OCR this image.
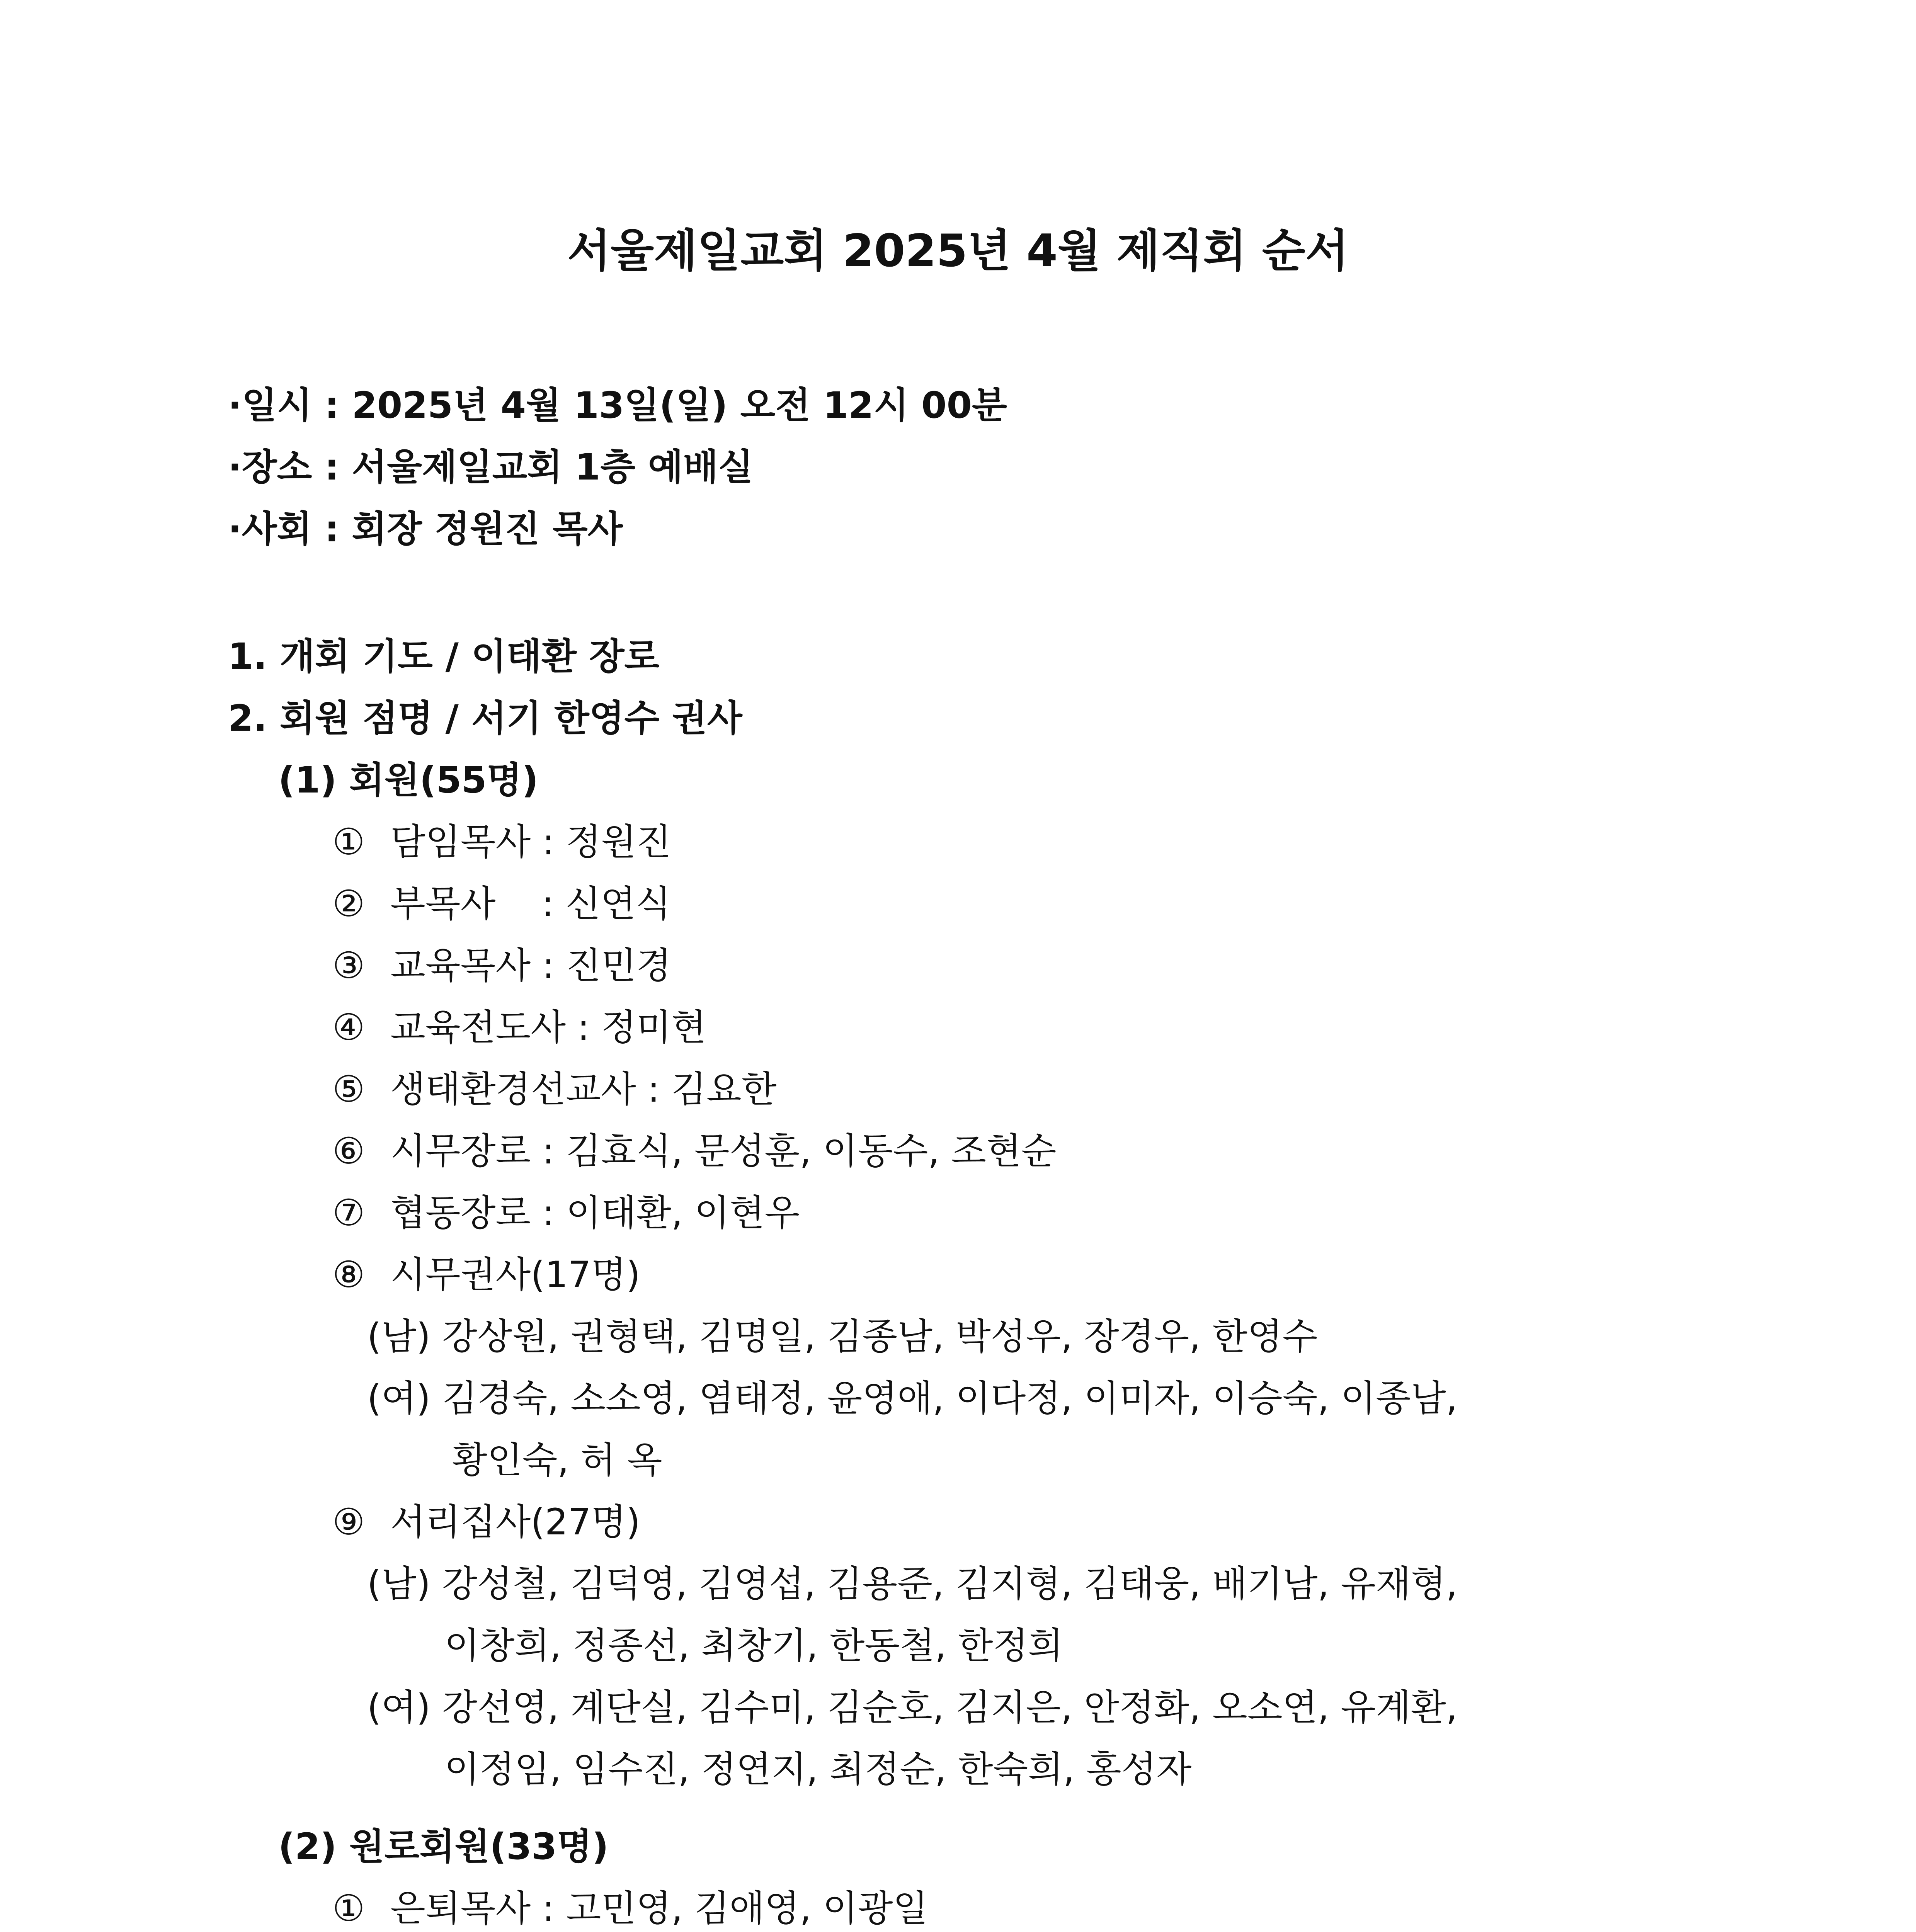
서울제일교회 2025년 4월 제직회 순서

·일시 : 2025년 4월 13일(일) 오전 12시 00분

·장소 : 서울제일교회 1층 예배실

·사회 : 회장 정원진 목사

1. 개회 기도 / 이태환 장로

2. 회원 점명 / 서기 한영수 권사

(1) 회원(55명)

① 담임목사 : 정원진

② 부목사    : 신연식

③ 교육목사 : 진민경

④ 교육전도사 : 정미현

⑤ 생태환경선교사 : 김요한

⑥ 시무장로 : 김효식, 문성훈, 이동수, 조현순

⑦ 협동장로 : 이태환, 이현우

⑧ 시무권사(17명)

(남) 강상원, 권형택, 김명일, 김종남, 박성우, 장경우, 한영수

(여) 김경숙, 소소영, 염태정, 윤영애, 이다정, 이미자, 이승숙, 이종남,

황인숙, 허 옥

⑨ 서리집사(27명)

(남) 강성철, 김덕영, 김영섭, 김용준, 김지형, 김태웅, 배기남, 유재형,

이창희, 정종선, 최창기, 한동철, 한정희

(여) 강선영, 계단실, 김수미, 김순호, 김지은, 안정화, 오소연, 유계환,

이정임, 임수진, 정연지, 최정순, 한숙희, 홍성자

(2) 원로회원(33명)

① 은퇴목사 : 고민영, 김애영, 이광일
